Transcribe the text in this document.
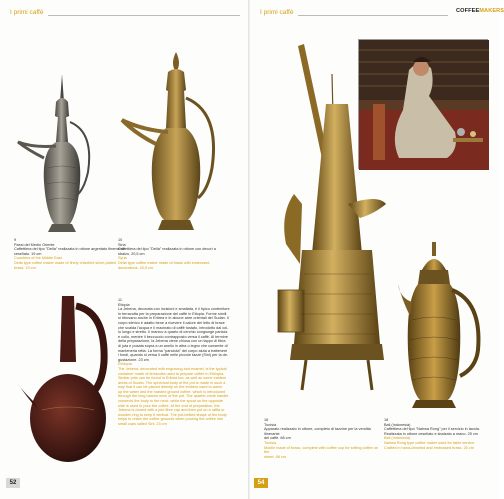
I primi caffè
9
Paesi del Medio Oriente
Caffettiera del tipo "Della" realizzata in ottone argentato finemente
cesellato. 19 cm
Countries of the Middle East
Della type coffee maker made of finely chiselled silver-plated
brass. 19 cm
10
Siria
Caffettiera del tipo "Della" realizzata in ottone con decori a
sbalzo. 20,5 cm
Syria
Della type coffee maker made of brass with embossed
decorations. 20,5 cm
11
Etiopia
La Jebena, decorata con incisioni e smaltata, è il tipico contenitore
in terracotta per la preparazione del caffè in Etiopia. Forme simili
si ritrovano anche in Eritrea e in alcune aree orientali del Sudan. Il
corpo sferico è adatto bene a ricevere il calore del letto di brace
che scalda l'acqua e il macinato di caffè tostato, introdotto dal col-
lo lungo e stretto. Il manico a quarto di cerchio congiunge panicia
e collo, mentre il beccuccio contrapposto versa il caffè. Al termine
della preparazione, la Jebena viene chiusa con un tappo di fibra
di juta e posata sopra a un anello in altra o legno che consente di
mantenerla retta. La forma "panciuta" del corpo aiuta a trattenere
i fondi, quando si versa il caffè nelle piccole tazze (Sini) per la de-
gustazione. 23 cm
Ethiopia
The Jebena, decorated with engraving and enamel, is the typical
container made of terracotta used to prepare coffee in Ethiopia.
Similar pots can be found in Eritrea too, as well as some eastern
areas of Sudan. The spherical body of the pot is made in such a
way that it can be placed directly on the embers used to warm
up the water and the roasted ground coffee, which is introduced
through the long narrow neck of the pot. The quarter-circle handle
connects the body to the neck, while the spout on the opposite
side is used to pour the coffee. At the end of preparation, the
Jebena is closed with a jute fibre cap and then put on a raffia or
wooden ring to keep it vertical. The pot-bellied shape of the body
helps to retain the coffee grounds when pouring the coffee into
small cups called Sini. 23 cm
52
I primi caffè	COFFEEMAKERS
16
Tunisia
Apparato realizzato in ottone, completo di tazzine per la vendita itinerante
del caffè. 68 cm
Tunisia
Mobile made of brass, complete with coffee cup for selling coffee on the
street. 68 cm
18
Bali (Indonesia)
Caffettiera del tipo "Nahwa Rong" per il servizio in tavola.
Realizzata in ottone cesellato e sbalzato a mano. 25 cm
Bali (Indonesia)
Nahwa Rong type coffee maker used for table service.
Crafted in hand-chiseled and embossed brass. 25 cm
54
